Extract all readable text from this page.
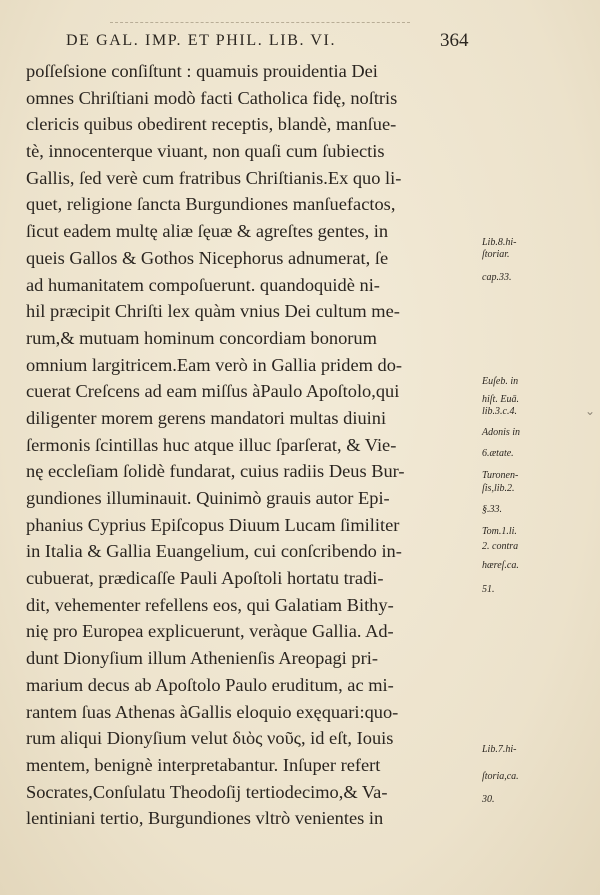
DE GAL. IMP. ET PHIL. LIB. VI.	364
poſſeſsione conſiſtunt : quamuis prouidentia Dei
omnes Chriſtiani modò facti Catholica fidę, noſtris
clericis quibus obedirent receptis, blandè, manſue-
tè, innocenterque viuant, non quaſi cum ſubiectis
Gallis, ſed verè cum fratribus Chriſtianis.Ex quo li-
quet, religione ſancta Burgundiones manſuefactos,
ſicut eadem multę aliæ ſęuæ & agreſtes gentes, in
queis Gallos & Gothos Nicephorus adnumerat, ſe
ad humanitatem compoſuerunt. quandoquidè ni-
hil præcipit Chriſti lex quàm vnius Dei cultum me-
rum,& mutuam hominum concordiam bonorum
omnium largitricem.Eam verò in Gallia pridem do-
cuerat Creſcens ad eam miſſus àPaulo Apoſtolo,qui
diligenter morem gerens mandatori multas diuini
ſermonis ſcintillas huc atque illuc ſparſerat, & Vie-
nę eccleſiam ſolidè fundarat, cuius radiis Deus Bur-
gundiones illuminauit. Quinimò grauis autor Epi-
phanius Cyprius Epiſcopus Diuum Lucam ſimiliter
in Italia & Gallia Euangelium, cui conſcribendo in-
cubuerat, prædicaſſe Pauli Apoſtoli hortatu tradi-
dit, vehementer refellens eos, qui Galatiam Bithy-
nię pro Europea explicuerunt, veràque Gallia. Ad-
dunt Dionyſium illum Athenienſis Areopagi pri-
marium decus ab Apoſtolo Paulo eruditum, ac mi-
rantem ſuas Athenas àGallis eloquio exęquari:quo-
rum aliqui Dionyſium velut διὸς νοῦς, id eſt, Iouis
mentem, benignè interpretabantur. Inſuper refert
Socrates,Conſulatu Theodoſij tertiodecimo,& Va-
lentiniani tertio, Burgundiones vltrò venientes in
Lib.8.hi-
ſtoriar.
cap.33.
Euſeb. in
hiſt. Euā.
lib.3.c.4.
Adonis in
6.ætate.
Turonen-
ſis,lib.2.
§.33.
Tom.1.li.
2. contra
hæreſ.ca.
51.
Lib.7.hi-
ſtoria,ca.
30.
⌄
